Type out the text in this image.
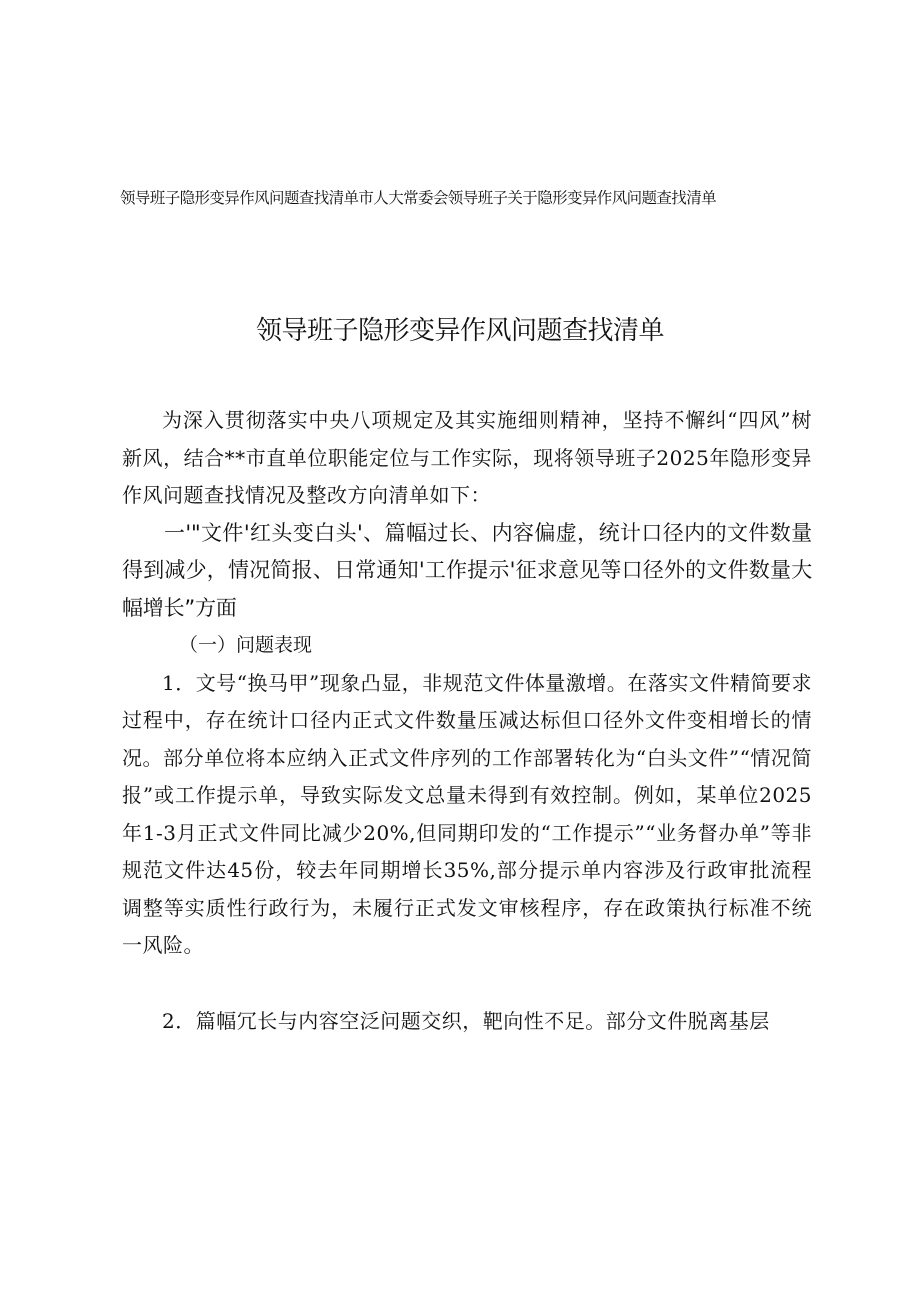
领导班子隐形变异作风问题查找清单市人大常委会领导班子关于隐形变异作风问题查找清单
领导班子隐形变异作风问题查找清单

为深入贯彻落实中央八项规定及其实施细则精神，坚持不懈纠“四风”树新风，结合**市直单位职能定位与工作实际，现将领导班子2025年隐形变异作风问题查找情况及整改方向清单如下：

一'"文件'红头变白头'、篇幅过长、内容偏虚，统计口径内的文件数量得到减少，情况简报、日常通知'工作提示'征求意见等口径外的文件数量大幅增长”方面

（一）问题表现

1．文号“换马甲”现象凸显，非规范文件体量激增。在落实文件精简要求过程中，存在统计口径内正式文件数量压减达标但口径外文件变相增长的情况。部分单位将本应纳入正式文件序列的工作部署转化为“白头文件”“情况简报”或工作提示单，导致实际发文总量未得到有效控制。例如，某单位2025年1-3月正式文件同比减少20%,但同期印发的“工作提示”“业务督办单”等非规范文件达45份，较去年同期增长35%,部分提示单内容涉及行政审批流程调整等实质性行政行为，未履行正式发文审核程序，存在政策执行标准不统一风险。

2．篇幅冗长与内容空泛问题交织，靶向性不足。部分文件脱离基层
